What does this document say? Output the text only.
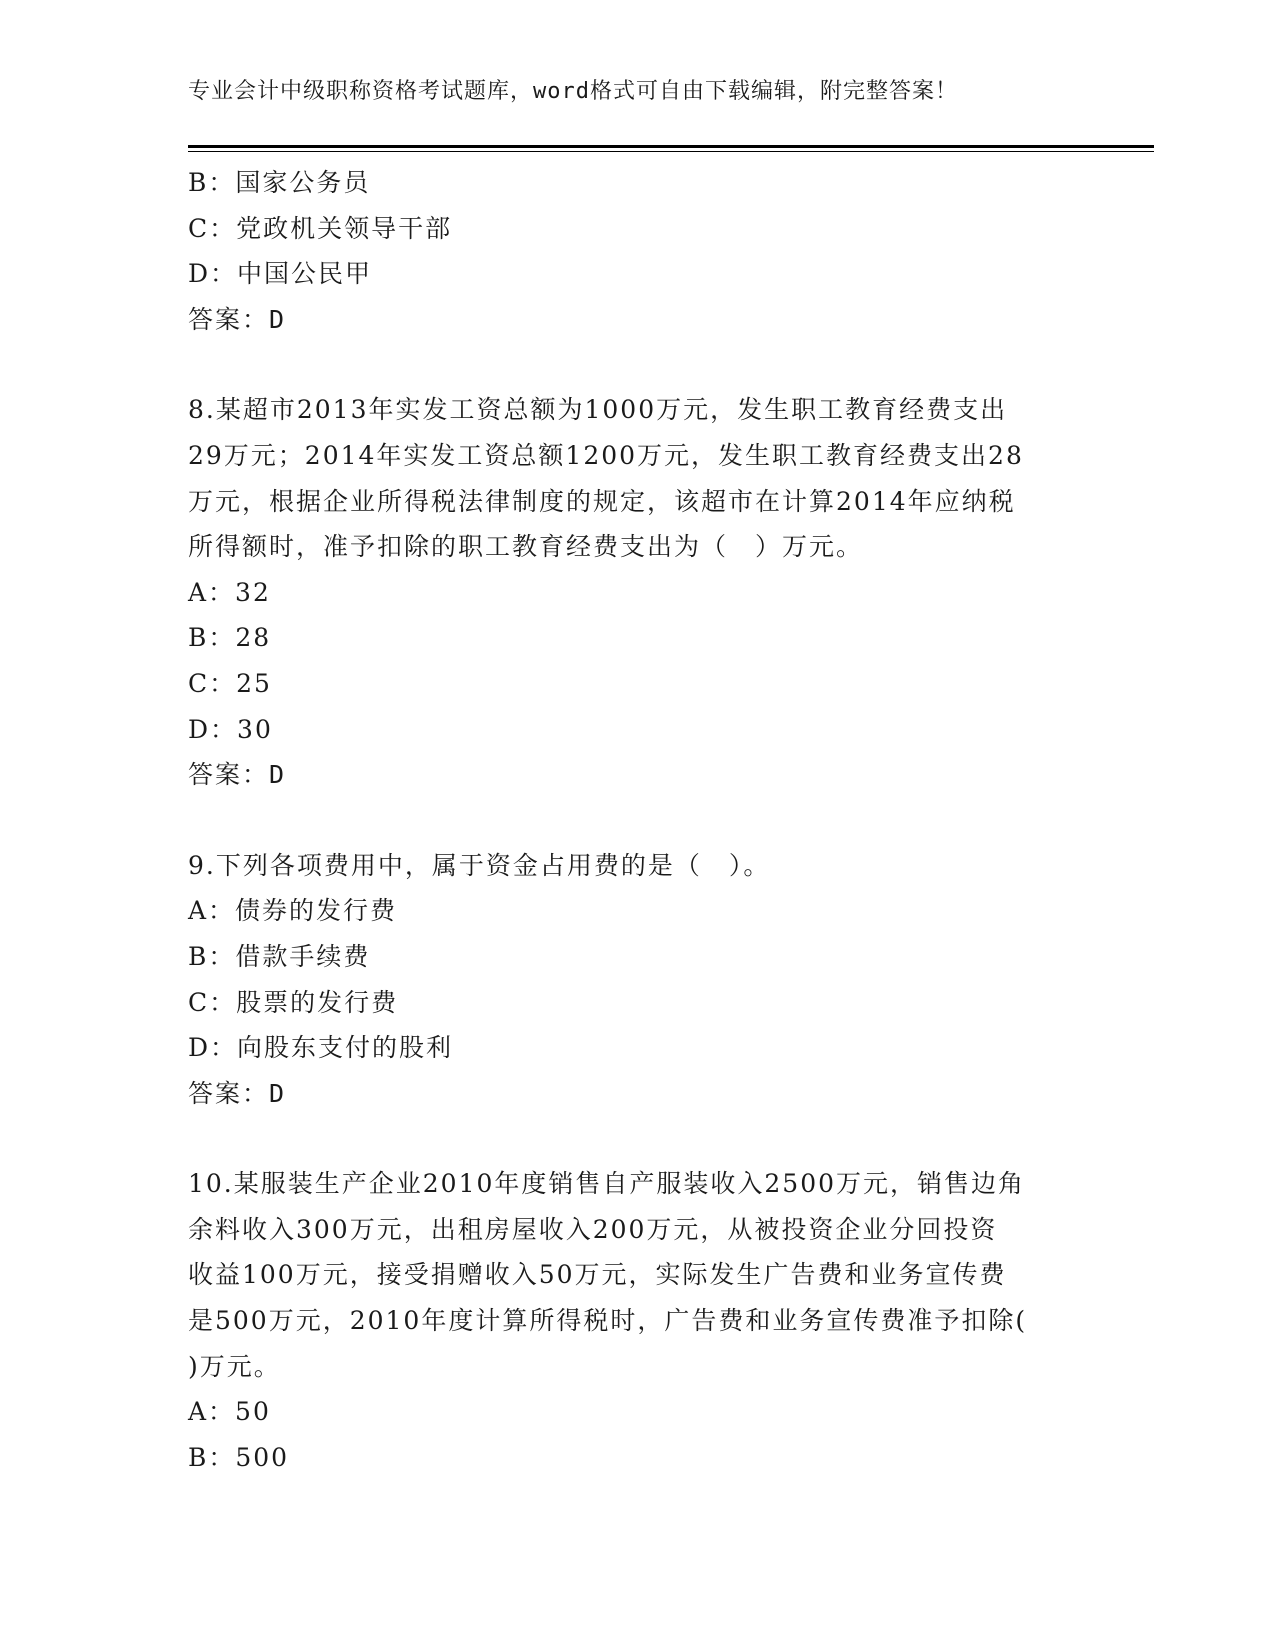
专业会计中级职称资格考试题库，word格式可自由下载编辑，附完整答案！
B：国家公务员
C：党政机关领导干部
D：中国公民甲
答案：D
8.某超市2013年实发工资总额为1000万元，发生职工教育经费支出
29万元；2014年实发工资总额1200万元，发生职工教育经费支出28
万元，根据企业所得税法律制度的规定，该超市在计算2014年应纳税
所得额时，准予扣除的职工教育经费支出为（　）万元。
A：32
B：28
C：25
D：30
答案：D
9.下列各项费用中，属于资金占用费的是（　）。
A：债券的发行费
B：借款手续费
C：股票的发行费
D：向股东支付的股利
答案：D
10.某服装生产企业2010年度销售自产服装收入2500万元，销售边角
余料收入300万元，出租房屋收入200万元，从被投资企业分回投资
收益100万元，接受捐赠收入50万元，实际发生广告费和业务宣传费
是500万元，2010年度计算所得税时，广告费和业务宣传费准予扣除(
)万元。
A：50
B：500
